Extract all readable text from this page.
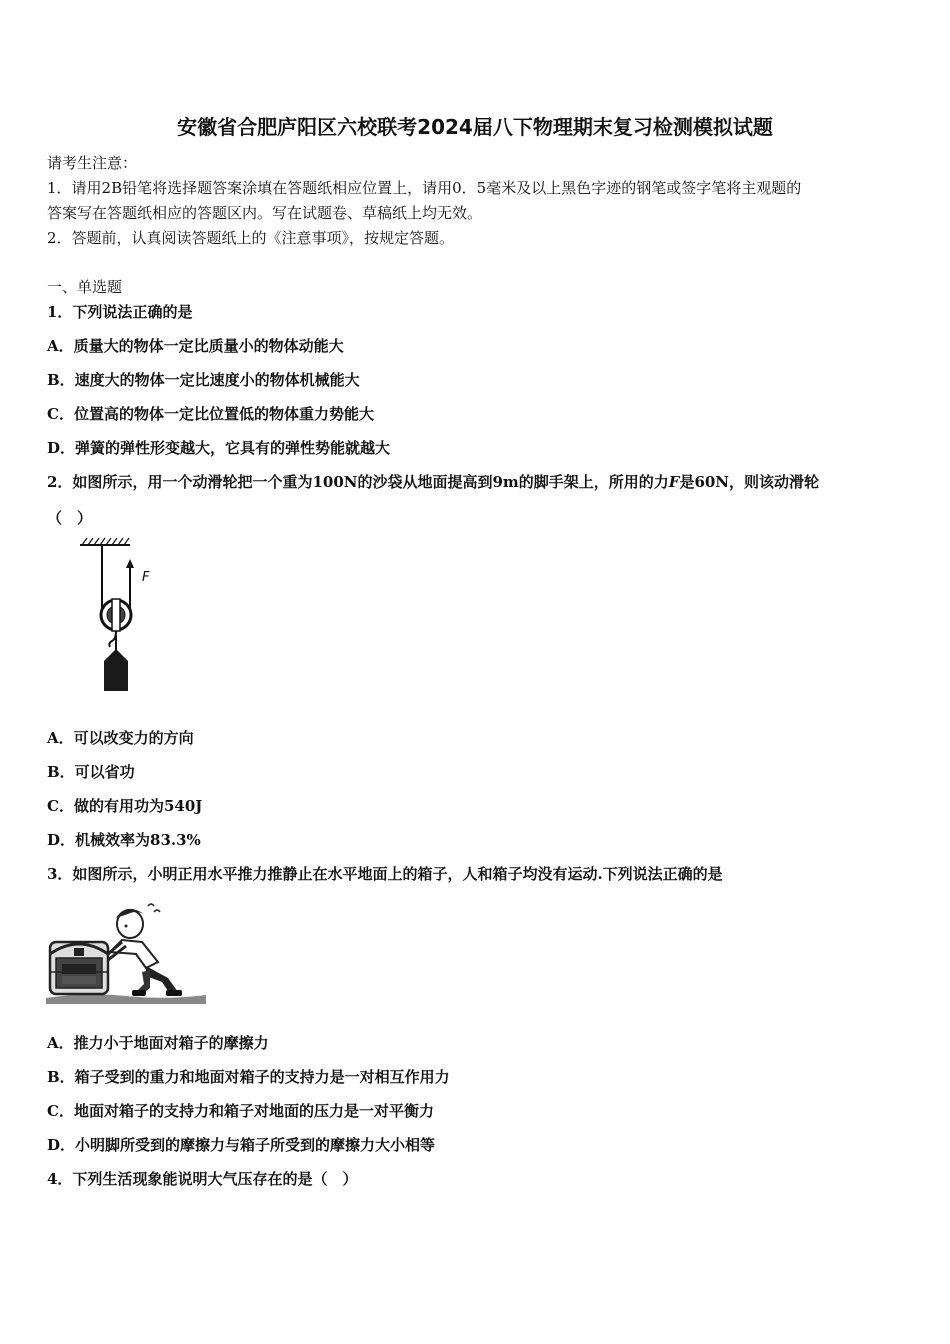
安徽省合肥庐阳区六校联考2024届八下物理期末复习检测模拟试题
请考生注意：
1．请用2B铅笔将选择题答案涂填在答题纸相应位置上，请用0．5毫米及以上黑色字迹的钢笔或签字笔将主观题的
答案写在答题纸相应的答题区内。写在试题卷、草稿纸上均无效。
2．答题前，认真阅读答题纸上的《注意事项》，按规定答题。
一、单选题
1．下列说法正确的是
A．质量大的物体一定比质量小的物体动能大
B．速度大的物体一定比速度小的物体机械能大
C．位置高的物体一定比位置低的物体重力势能大
D．弹簧的弹性形变越大，它具有的弹性势能就越大
2．如图所示，用一个动滑轮把一个重为100N的沙袋从地面提高到9m的脚手架上，所用的力F是60N，则该动滑轮
（　）
F
A．可以改变力的方向
B．可以省功
C．做的有用功为540J
D．机械效率为83.3%
3．如图所示，小明正用水平推力推静止在水平地面上的箱子，人和箱子均没有运动.下列说法正确的是
A．推力小于地面对箱子的摩擦力
B．箱子受到的重力和地面对箱子的支持力是一对相互作用力
C．地面对箱子的支持力和箱子对地面的压力是一对平衡力
D．小明脚所受到的摩擦力与箱子所受到的摩擦力大小相等
4．下列生活现象能说明大气压存在的是（　）
